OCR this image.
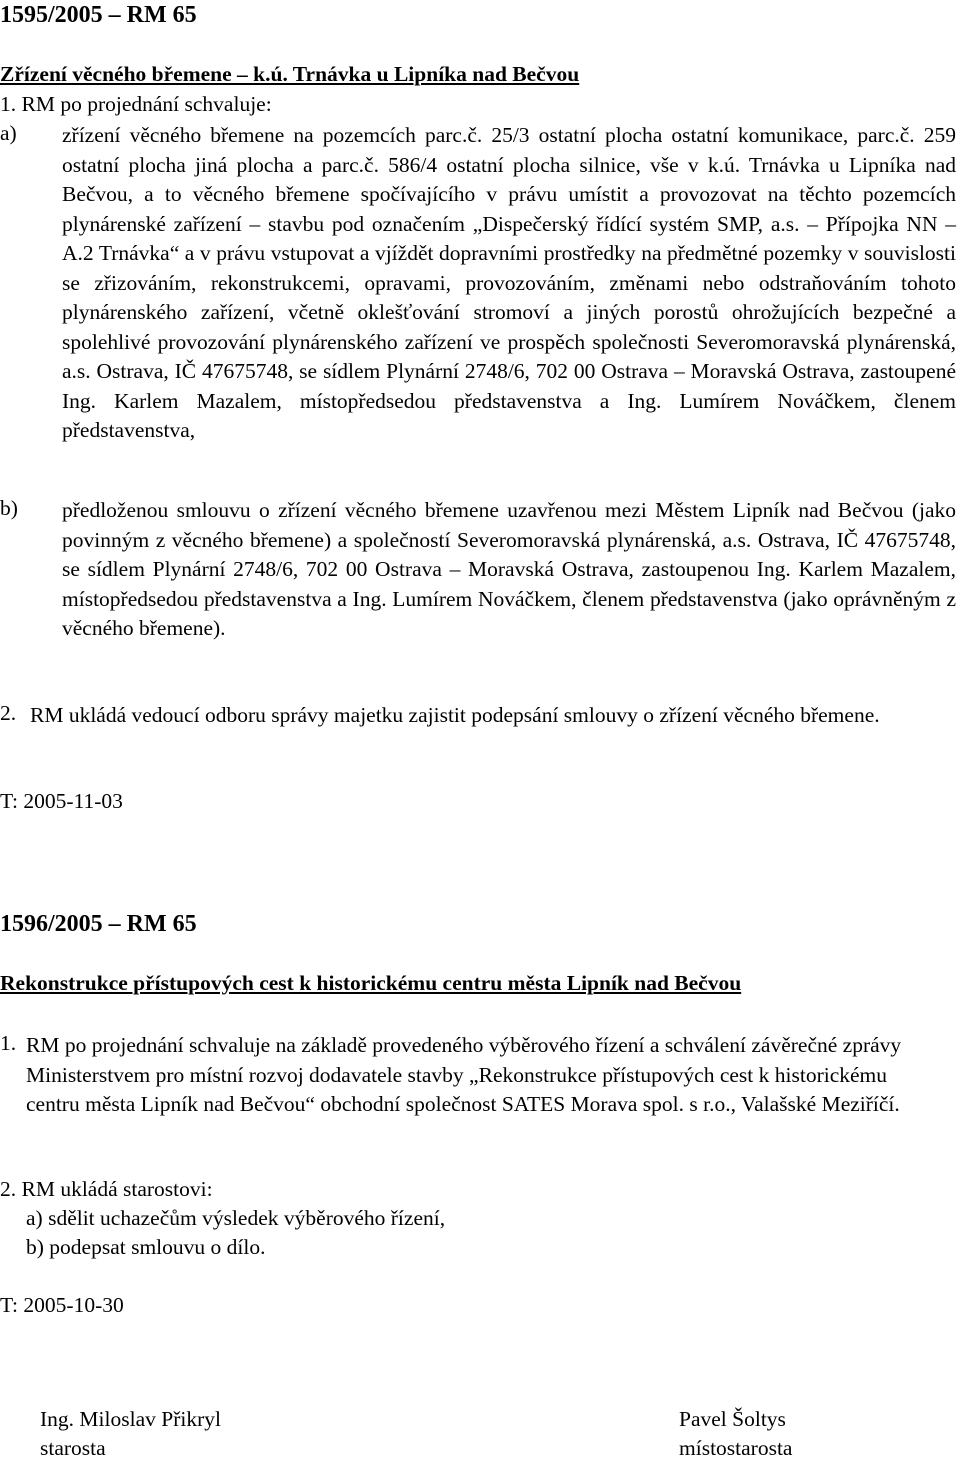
1595/2005 – RM 65
Zřízení věcného břemene – k.ú. Trnávka u Lipníka nad Bečvou
1. RM po projednání schvaluje:
a) zřízení věcného břemene na pozemcích parc.č. 25/3 ostatní plocha ostatní komunikace, parc.č. 259 ostatní plocha jiná plocha a parc.č. 586/4 ostatní plocha silnice, vše v k.ú. Trnávka u Lipníka nad Bečvou, a to věcného břemene spočívajícího v právu umístit a provozovat na těchto pozemcích plynárenské zařízení – stavbu pod označením „Dispečerský řídící systém SMP, a.s. – Přípojka NN – A.2 Trnávka“ a v právu vstupovat a vjíždět dopravními prostředky na předmětné pozemky v souvislosti se zřizováním, rekonstrukcemi, opravami, provozováním, změnami nebo odstraňováním tohoto plynárenského zařízení, včetně oklešťování stromoví a jiných porostů ohrožujících bezpečné a spolehlivé provozování plynárenského zařízení ve prospěch společnosti Severomoravská plynárenská, a.s. Ostrava, IČ 47675748, se sídlem Plynární 2748/6, 702 00 Ostrava – Moravská Ostrava, zastoupené Ing. Karlem Mazalem, místopředsedou představenstva a Ing. Lumírem Nováčkem, členem představenstva,
b) předloženou smlouvu o zřízení věcného břemene uzavřenou mezi Městem Lipník nad Bečvou (jako povinným z věcného břemene) a společností Severomoravská plynárenská, a.s. Ostrava, IČ 47675748, se sídlem Plynární 2748/6, 702 00 Ostrava – Moravská Ostrava, zastoupenou Ing. Karlem Mazalem, místopředsedou představenstva a Ing. Lumírem Nováčkem, členem představenstva (jako oprávněným z věcného břemene).
2. RM ukládá vedoucí odboru správy majetku zajistit podepsání smlouvy o zřízení věcného břemene.
T: 2005-11-03
1596/2005 – RM 65
Rekonstrukce přístupových cest k historickému centru města Lipník nad Bečvou
1. RM po projednání schvaluje na základě provedeného výběrového řízení a schválení závěrečné zprávy Ministerstvem pro místní rozvoj dodavatele stavby „Rekonstrukce přístupových cest k historickému centru města Lipník nad Bečvou“ obchodní společnost SATES Morava spol. s r.o., Valašské Meziříčí.
2. RM ukládá starostovi:
a) sdělit uchazečům výsledek výběrového řízení,
b) podepsat smlouvu o dílo.
T: 2005-10-30
Ing. Miloslav Přikryl
starosta
Pavel Šoltys
místostarosta
